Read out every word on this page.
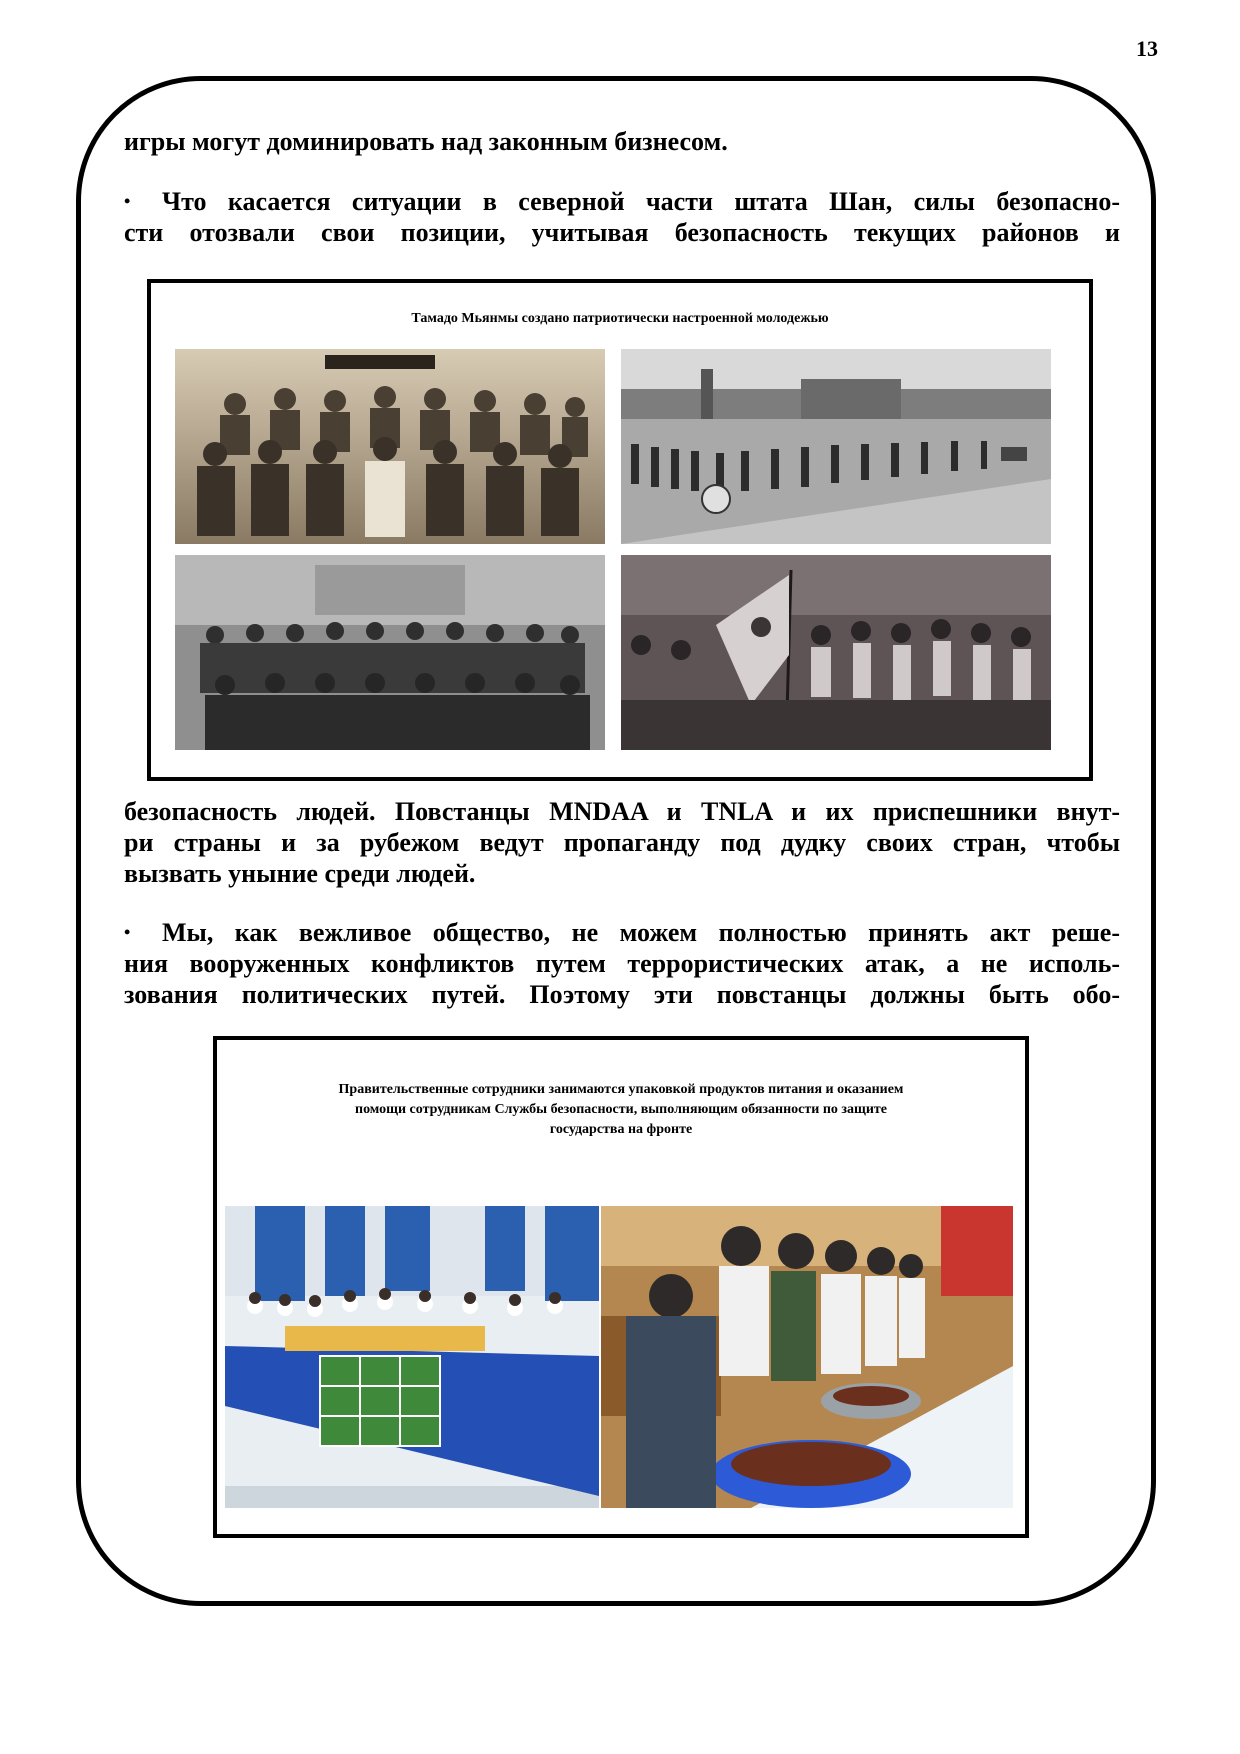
13

игры могут доминировать над законным бизнесом.

• Что касается ситуации в северной части штата Шан, силы безопасно-
сти отозвали свои позиции, учитывая безопасность текущих районов и

Тамадо Мьянмы создано патриотически настроенной молодежью

безопасность людей. Повстанцы MNDAA и TNLA и их приспешники внут-
ри страны и за рубежом ведут пропаганду под дудку своих стран, чтобы
вызвать уныние среди людей.

• Мы, как вежливое общество, не можем полностью принять акт реше-
ния вооруженных конфликтов путем террористических атак, а не исполь-
зования политических путей. Поэтому эти повстанцы должны быть обо-

Правительственные сотрудники занимаются упаковкой продуктов питания и оказанием
помощи сотрудникам Службы безопасности, выполняющим обязанности по защите
государства на фронте
